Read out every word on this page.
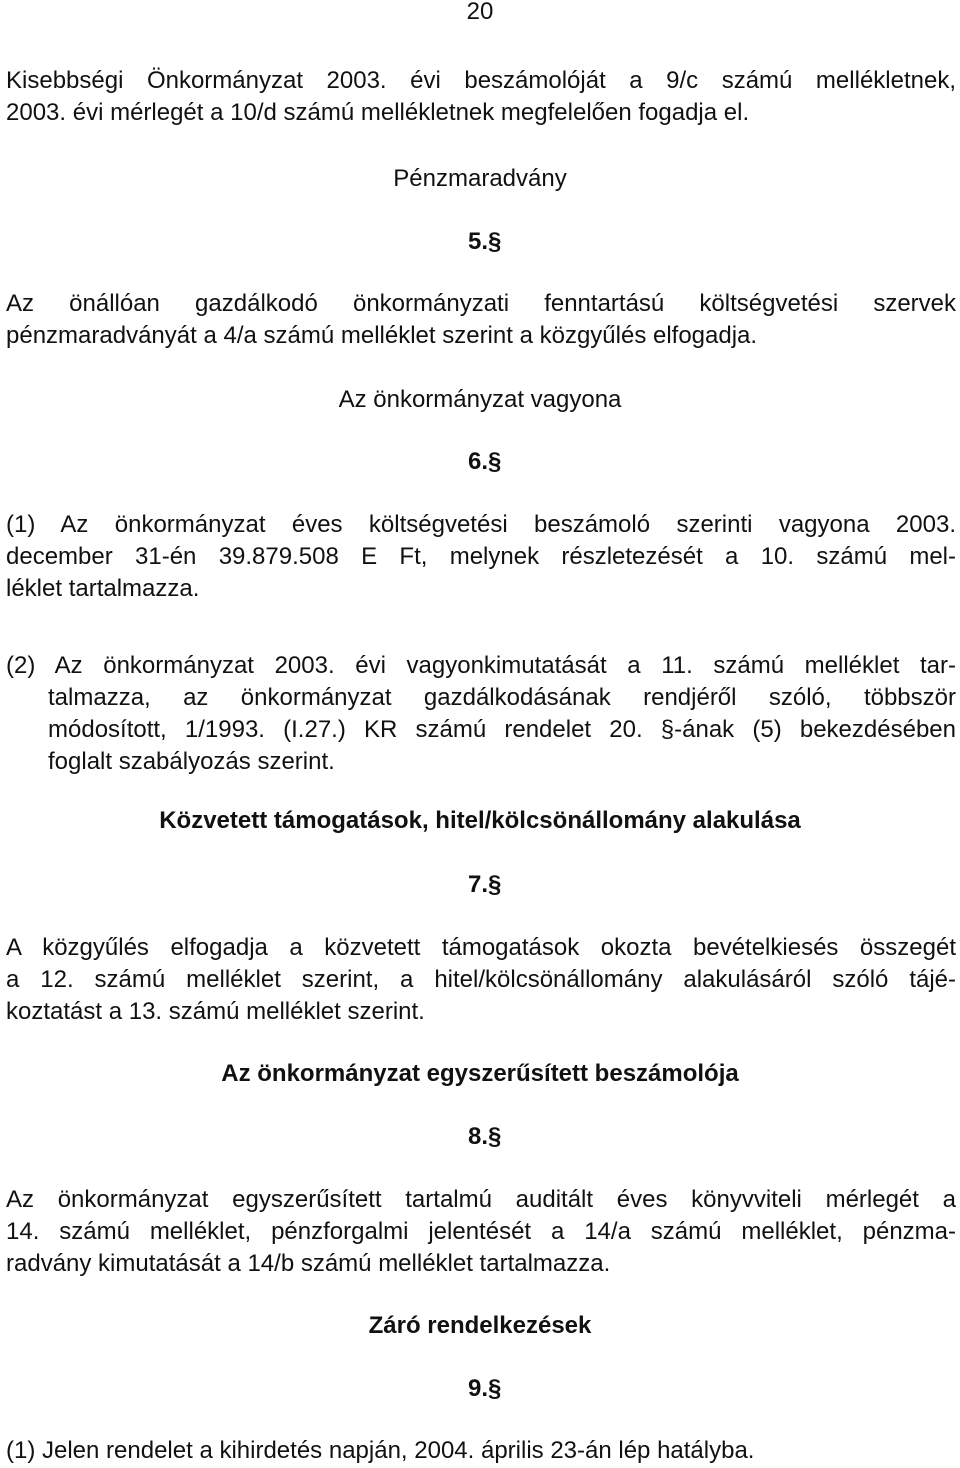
20
Kisebbségi Önkormányzat 2003. évi beszámolóját a 9/c számú mellékletnek,
2003. évi mérlegét a 10/d számú mellékletnek megfelelően fogadja el.
Pénzmaradvány
5.§
Az önállóan gazdálkodó önkormányzati fenntartású költségvetési szervek
pénzmaradványát a 4/a számú melléklet szerint a közgyűlés elfogadja.
Az önkormányzat vagyona
6.§
(1) Az önkormányzat éves költségvetési beszámoló szerinti vagyona 2003.
december 31-én 39.879.508 E Ft, melynek részletezését a 10. számú mel-
léklet tartalmazza.
(2) Az önkormányzat 2003. évi vagyonkimutatását a 11. számú melléklet tar-
talmazza, az önkormányzat gazdálkodásának rendjéről szóló, többször
módosított, 1/1993. (I.27.) KR számú rendelet 20. §-ának (5) bekezdésében
foglalt szabályozás szerint.
Közvetett támogatások, hitel/kölcsönállomány alakulása
7.§
A közgyűlés elfogadja a közvetett támogatások okozta bevételkiesés összegét
a 12. számú melléklet szerint, a hitel/kölcsönállomány alakulásáról szóló tájé-
koztatást a 13. számú melléklet szerint.
Az önkormányzat egyszerűsített beszámolója
8.§
Az önkormányzat egyszerűsített tartalmú auditált éves könyvviteli mérlegét a
14. számú melléklet, pénzforgalmi jelentését a 14/a számú melléklet, pénzma-
radvány kimutatását a 14/b számú melléklet tartalmazza.
Záró rendelkezések
9.§
(1) Jelen rendelet a kihirdetés napján, 2004. április 23-án lép hatályba.
